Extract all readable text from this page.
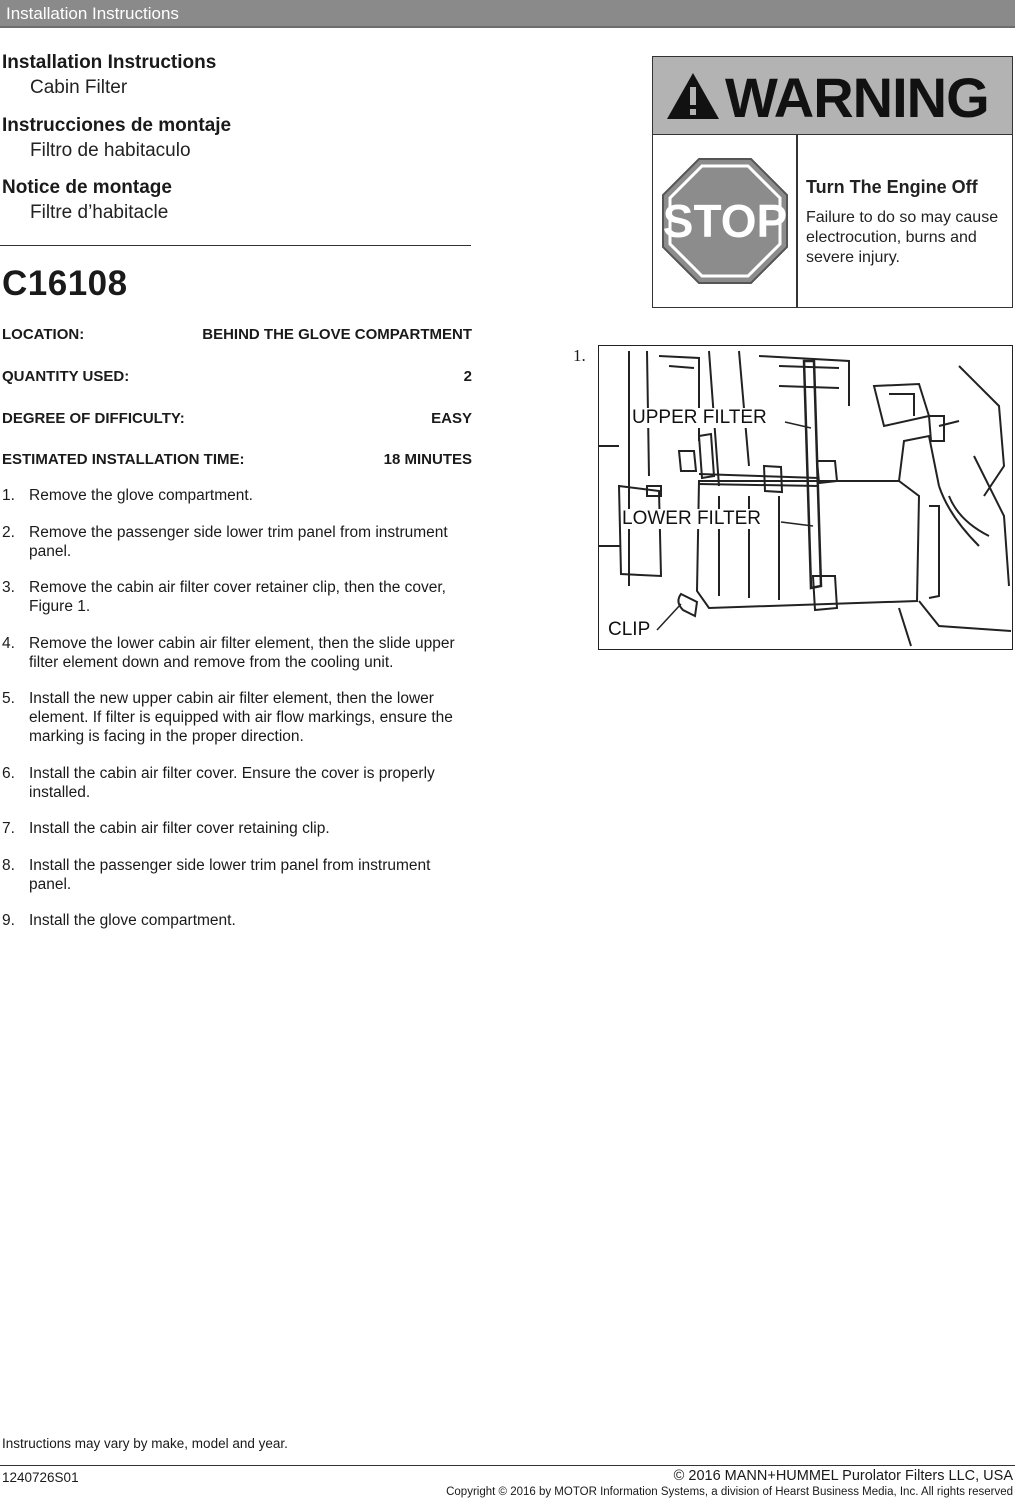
Installation Instructions
Installation Instructions
Cabin Filter
Instrucciones de montaje
Filtro de habitaculo
Notice de montage
Filtre d’habitacle
C16108
LOCATION:	BEHIND THE GLOVE COMPARTMENT
QUANTITY USED:	2
DEGREE OF DIFFICULTY:	EASY
ESTIMATED INSTALLATION TIME:	18 MINUTES
1. Remove the glove compartment.
2. Remove the passenger side lower trim panel from instrument panel.
3. Remove the cabin air filter cover retainer clip, then the cover, Figure 1.
4. Remove the lower cabin air filter element, then the slide upper filter element down and remove from the cooling unit.
5. Install the new upper cabin air filter element, then the lower element. If filter is equipped with air flow markings, ensure the marking is facing in the proper direction.
6. Install the cabin air filter cover. Ensure the cover is properly installed.
7. Install the cabin air filter cover retaining clip.
8. Install the passenger side lower trim panel from instrument panel.
9. Install the glove compartment.
WARNING
STOP
Turn The Engine Off
Failure to do so may cause electrocution, burns and severe injury.
1.
UPPER FILTER
LOWER FILTER
CLIP
Instructions may vary by make, model and year.
1240726S01	© 2016 MANN+HUMMEL Purolator Filters LLC, USA
Copyright © 2016 by MOTOR Information Systems, a division of Hearst Business Media, Inc. All rights reserved
